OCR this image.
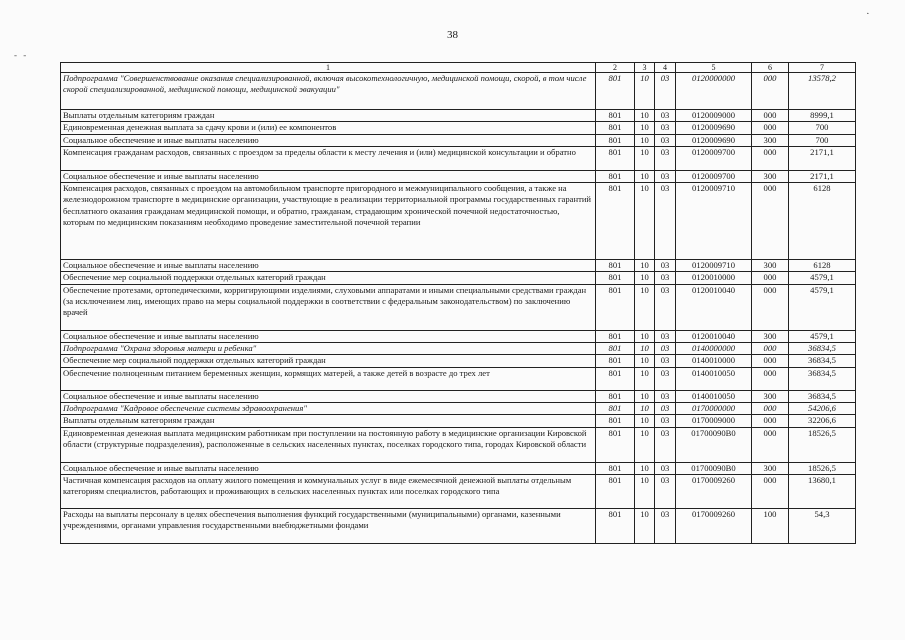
38
- -
·
1	2	3	4	5	6	7
Подпрограмма "Совершенствование оказания специализированной, включая высокотехнологичную, медицинской помощи, скорой, в том числе скорой специализированной, медицинской помощи, медицинской эвакуации"	801	10	03	0120000000	000	13578,2
Выплаты отдельным категориям граждан	801	10	03	0120009000	000	8999,1
Единовременная денежная выплата за сдачу крови и (или) ее компонентов	801	10	03	0120009690	000	700
Социальное обеспечение и иные выплаты населению	801	10	03	0120009690	300	700
Компенсация гражданам расходов, связанных с проездом за пределы области к месту лечения и (или) медицинской консультации и обратно	801	10	03	0120009700	000	2171,1
Социальное обеспечение и иные выплаты населению	801	10	03	0120009700	300	2171,1
Компенсация расходов, связанных с проездом на автомобильном транспорте пригородного и межмуниципального сообщения, а также на железнодорожном транспорте в медицинские организации, участвующие в реализации территориальной программы государственных гарантий бесплатного оказания гражданам медицинской помощи, и обратно, гражданам, страдающим хронической почечной недостаточностью, которым по медицинским показаниям необходимо проведение заместительной почечной терапии	801	10	03	0120009710	000	6128
Социальное обеспечение и иные выплаты населению	801	10	03	0120009710	300	6128
Обеспечение мер социальной поддержки отдельных категорий граждан	801	10	03	0120010000	000	4579,1
Обеспечение протезами, ортопедическими, корригирующими изделиями, слуховыми аппаратами и иными специальными средствами граждан (за исключением лиц, имеющих право на меры социальной поддержки в соответствии с федеральным законодательством) по заключению врачей	801	10	03	0120010040	000	4579,1
Социальное обеспечение и иные выплаты населению	801	10	03	0120010040	300	4579,1
Подпрограмма "Охрана здоровья матери и ребенка"	801	10	03	0140000000	000	36834,5
Обеспечение мер социальной поддержки отдельных категорий граждан	801	10	03	0140010000	000	36834,5
Обеспечение полноценным питанием беременных женщин, кормящих матерей, а также детей в возрасте до трех лет	801	10	03	0140010050	000	36834,5
Социальное обеспечение и иные выплаты населению	801	10	03	0140010050	300	36834,5
Подпрограмма "Кадровое обеспечение системы здравоохранения"	801	10	03	0170000000	000	54206,6
Выплаты отдельным категориям граждан	801	10	03	0170009000	000	32206,6
Единовременная денежная выплата медицинским работникам при поступлении на постоянную работу в медицинские организации Кировской области (структурные подразделения), расположенные в сельских населенных пунктах, поселках городского типа, городах Кировской области	801	10	03	01700090В0	000	18526,5
Социальное обеспечение и иные выплаты населению	801	10	03	01700090В0	300	18526,5
Частичная компенсация расходов на оплату жилого помещения и коммунальных услуг в виде ежемесячной денежной выплаты отдельным категориям специалистов, работающих и проживающих в сельских населенных пунктах или поселках городского типа	801	10	03	0170009260	000	13680,1
Расходы на выплаты персоналу в целях обеспечения выполнения функций государственными (муниципальными) органами, казенными учреждениями, органами управления государственными внебюджетными фондами	801	10	03	0170009260	100	54,3
